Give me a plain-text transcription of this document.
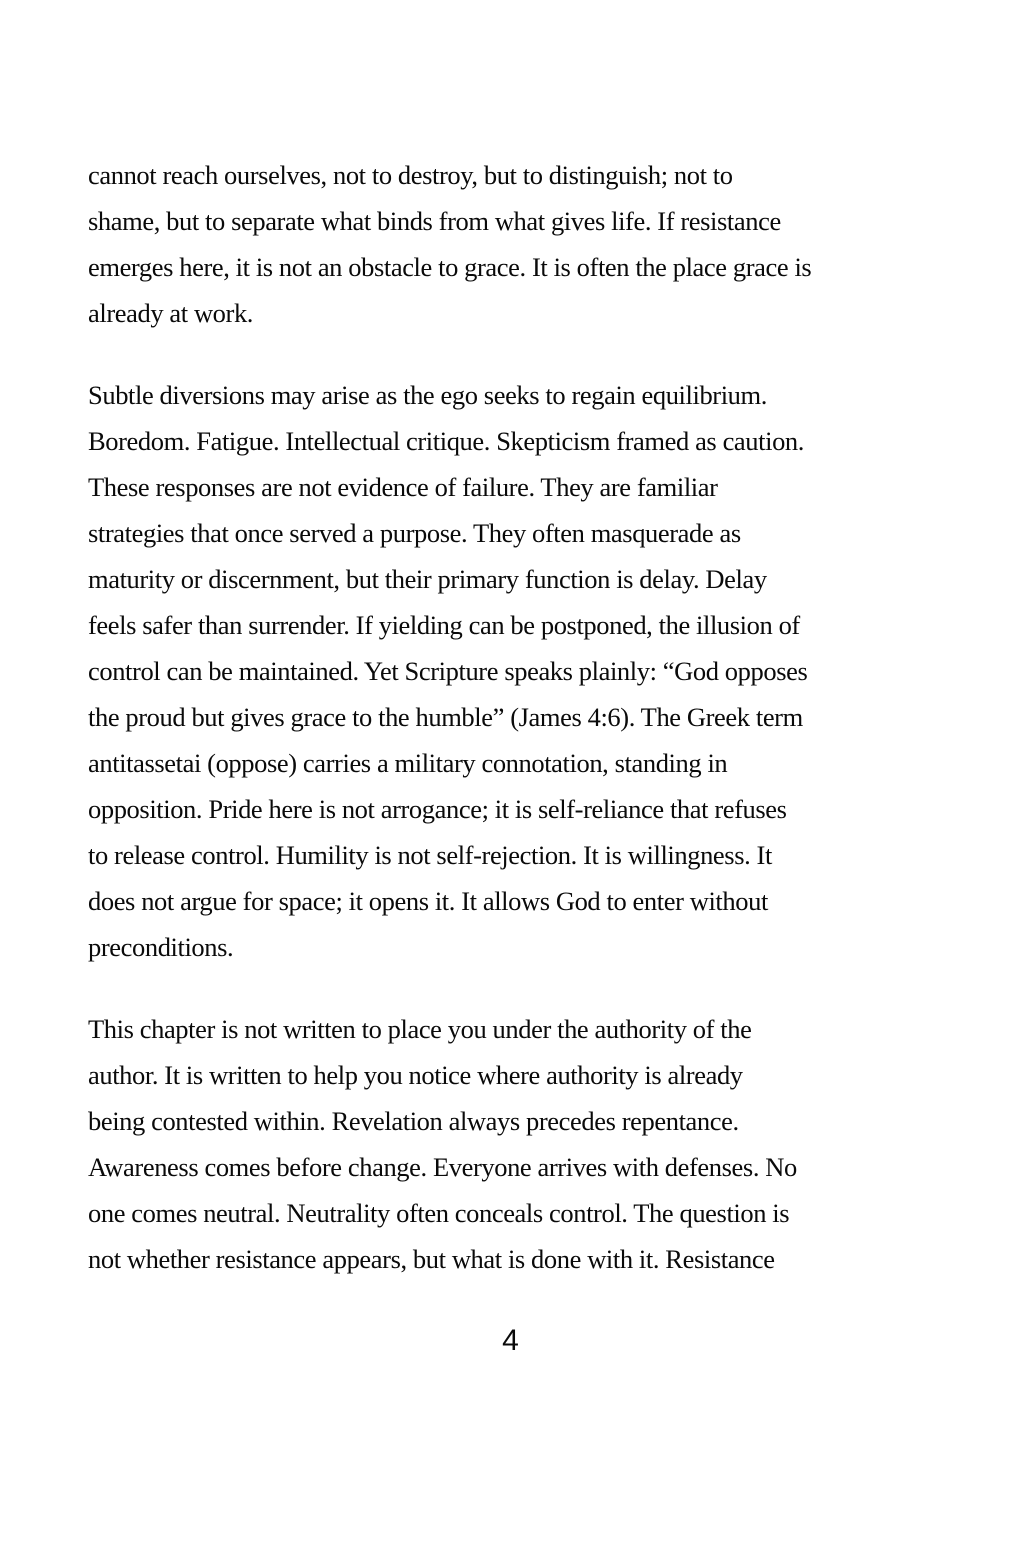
cannot reach ourselves, not to destroy, but to distinguish; not to
shame, but to separate what binds from what gives life. If resistance
emerges here, it is not an obstacle to grace. It is often the place grace is
already at work.
Subtle diversions may arise as the ego seeks to regain equilibrium.
Boredom. Fatigue. Intellectual critique. Skepticism framed as caution.
These responses are not evidence of failure. They are familiar
strategies that once served a purpose. They often masquerade as
maturity or discernment, but their primary function is delay. Delay
feels safer than surrender. If yielding can be postponed, the illusion of
control can be maintained. Yet Scripture speaks plainly: “God opposes
the proud but gives grace to the humble” (James 4:6). The Greek term
antitassetai (oppose) carries a military connotation, standing in
opposition. Pride here is not arrogance; it is self-reliance that refuses
to release control. Humility is not self-rejection. It is willingness. It
does not argue for space; it opens it. It allows God to enter without
preconditions.
This chapter is not written to place you under the authority of the
author. It is written to help you notice where authority is already
being contested within. Revelation always precedes repentance.
Awareness comes before change. Everyone arrives with defenses. No
one comes neutral. Neutrality often conceals control. The question is
not whether resistance appears, but what is done with it. Resistance
4
